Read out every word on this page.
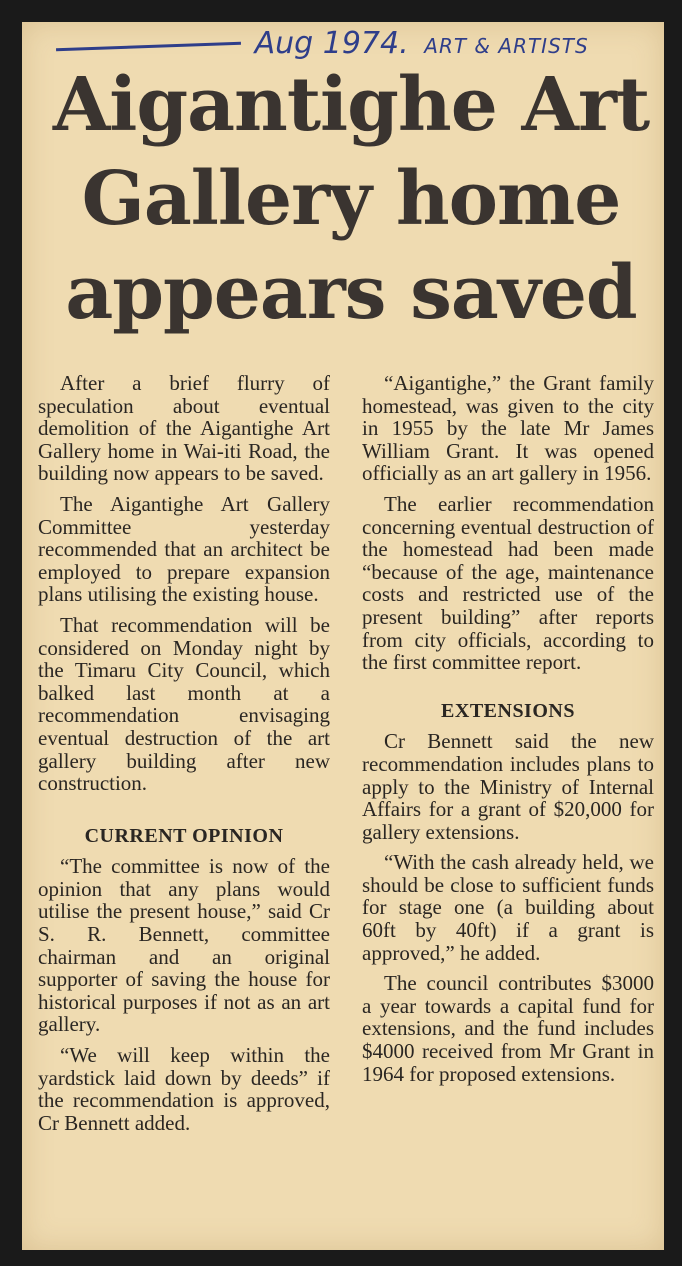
Aug 1974. ART & ARTISTS
Aigantighe Art
Gallery home
appears saved

After a brief flurry of speculation about eventual demolition of the Aigantighe Art Gallery home in Wai-iti Road, the building now appears to be saved.

The Aigantighe Art Gallery Committee yesterday recommended that an architect be employed to prepare expansion plans utilising the existing house.

That recommendation will be considered on Monday night by the Timaru City Council, which balked last month at a recommendation envisaging eventual destruction of the art gallery building after new construction.

CURRENT OPINION

“The committee is now of the opinion that any plans would utilise the present house,” said Cr S. R. Bennett, committee chairman and an original supporter of saving the house for historical purposes if not as an art gallery.

“We will keep within the yardstick laid down by deeds” if the recommendation is approved, Cr Bennett added.

“Aigantighe,” the Grant family homestead, was given to the city in 1955 by the late Mr James William Grant. It was opened officially as an art gallery in 1956.

The earlier recommendation concerning eventual destruction of the homestead had been made “because of the age, maintenance costs and restricted use of the present building” after reports from city officials, according to the first committee report.

EXTENSIONS

Cr Bennett said the new recommendation includes plans to apply to the Ministry of Internal Affairs for a grant of $20,000 for gallery extensions.

“With the cash already held, we should be close to sufficient funds for stage one (a building about 60ft by 40ft) if a grant is approved,” he added.

The council contributes $3000 a year towards a capital fund for extensions, and the fund includes $4000 received from Mr Grant in 1964 for proposed extensions.
